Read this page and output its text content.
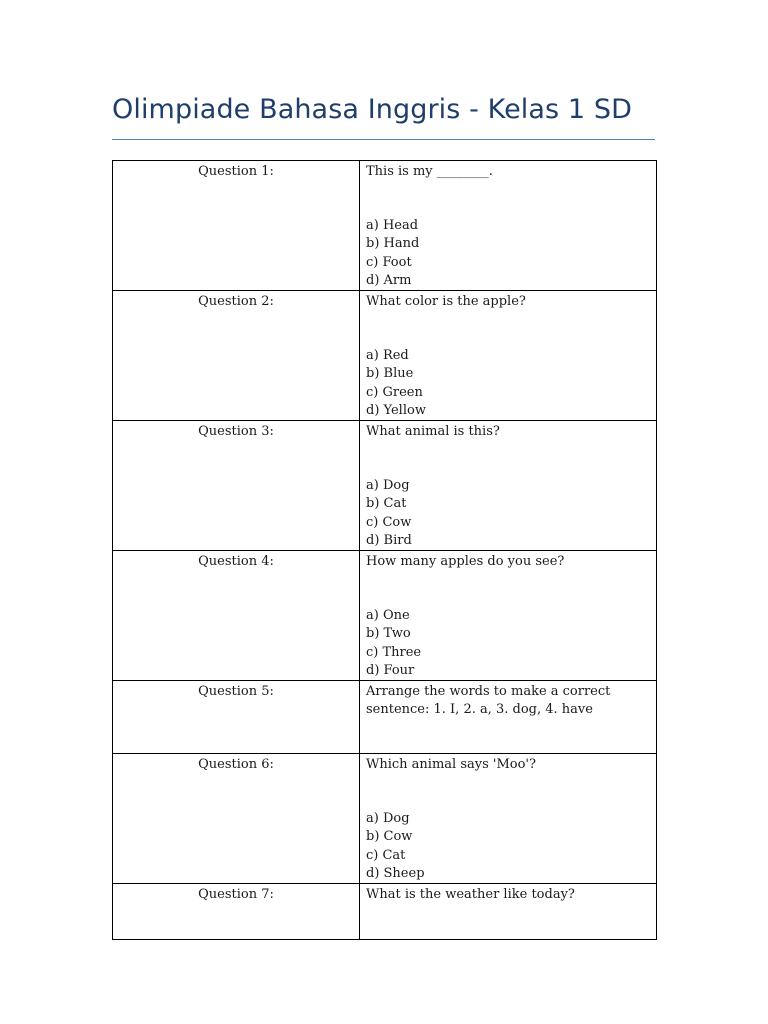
Olimpiade Bahasa Inggris - Kelas 1 SD
Question 1:	This is my ________.
a) Head
b) Hand
c) Foot
d) Arm

Question 2:	What color is the apple?
a) Red
b) Blue
c) Green
d) Yellow

Question 3:	What animal is this?
a) Dog
b) Cat
c) Cow
d) Bird

Question 4:	How many apples do you see?
a) One
b) Two
c) Three
d) Four

Question 5:	Arrange the words to make a correct sentence: 1. I, 2. a, 3. dog, 4. have

Question 6:	Which animal says 'Moo'?
a) Dog
b) Cow
c) Cat
d) Sheep

Question 7:	What is the weather like today?
